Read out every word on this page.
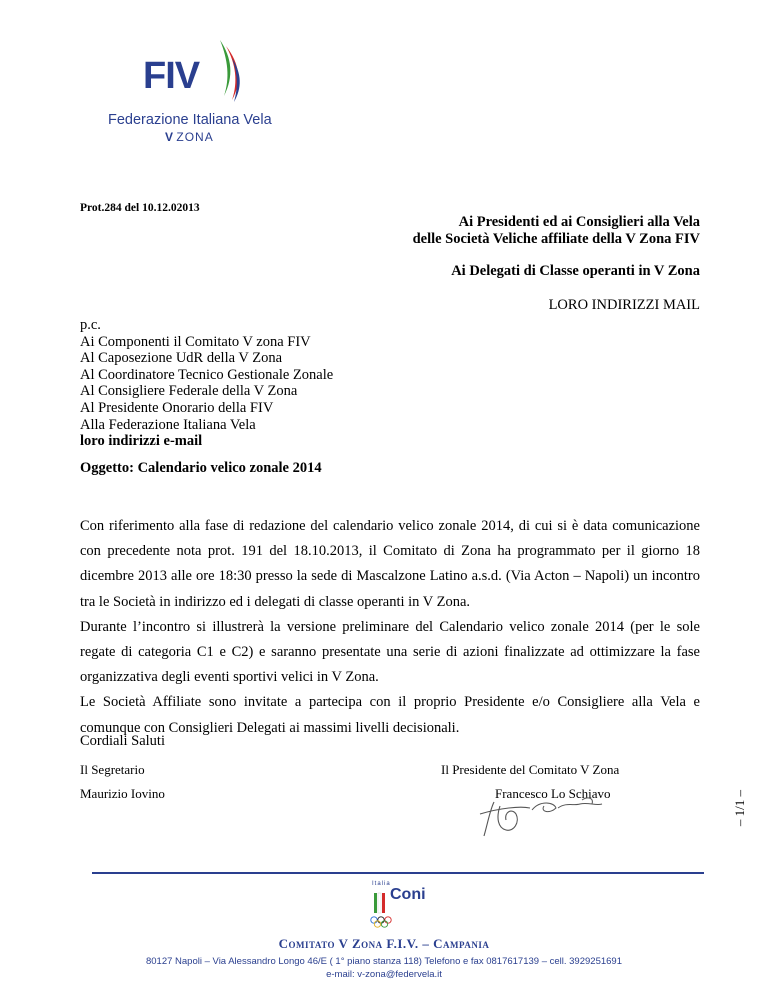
FIV
Federazione Italiana Vela
V ZONA
Prot.284 del 10.12.02013
Ai Presidenti ed ai Consiglieri alla Vela
delle Società Veliche affiliate della V Zona FIV
Ai Delegati di Classe operanti in V Zona
LORO INDIRIZZI MAIL
p.c.
Ai Componenti il Comitato V zona FIV
Al Caposezione UdR della V Zona
Al Coordinatore Tecnico Gestionale Zonale
Al Consigliere Federale della V Zona
Al Presidente Onorario della FIV
Alla Federazione Italiana Vela
loro indirizzi e-mail
Oggetto: Calendario velico zonale 2014

Con riferimento alla fase di redazione del calendario velico zonale 2014, di cui si è data comunicazione con precedente nota prot. 191 del 18.10.2013, il Comitato di Zona ha programmato per il giorno 18 dicembre 2013 alle ore 18:30 presso la sede di Mascalzone Latino a.s.d. (Via Acton – Napoli) un incontro tra le Società in indirizzo ed i delegati di classe operanti in V Zona.

Durante l’incontro si illustrerà la versione preliminare del Calendario velico zonale 2014 (per le sole regate di categoria C1 e C2) e saranno presentate una serie di azioni finalizzate ad ottimizzare la fase organizzativa degli eventi sportivi velici in V Zona.

Le Società Affiliate sono invitate a partecipa con il proprio Presidente e/o Consigliere alla Vela e comunque con Consiglieri Delegati ai massimi livelli decisionali.

Cordiali Saluti
Il Segretario
Maurizio Iovino
Il Presidente del Comitato V Zona
Francesco Lo Schiavo	– 1/1 –
Italia
Coni
Comitato V Zona F.I.V. – Campania
80127 Napoli – Via Alessandro Longo 46/E ( 1° piano stanza 118) Telefono e fax 0817617139 – cell. 3929251691
e-mail: v-zona@federvela.it
